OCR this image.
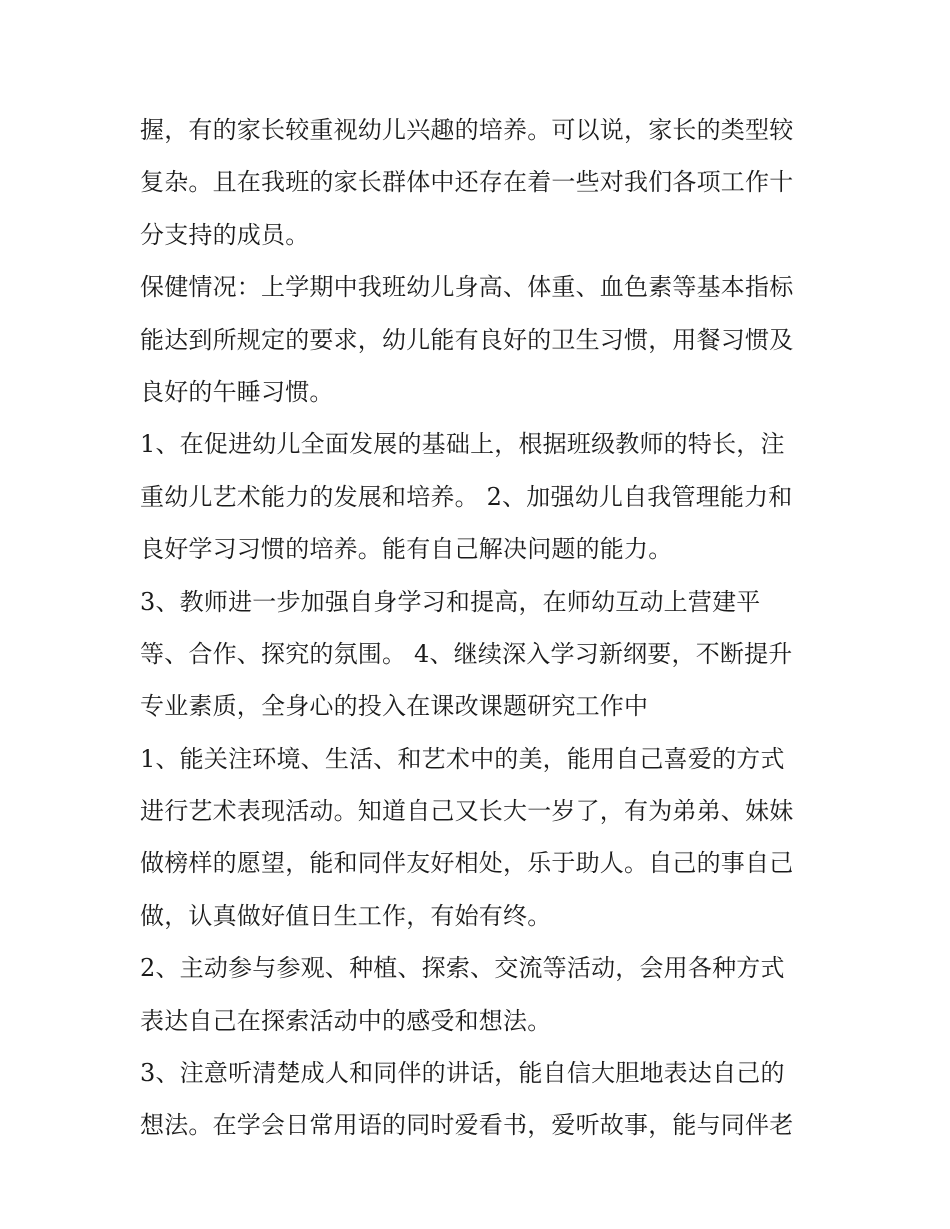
握，有的家长较重视幼儿兴趣的培养。可以说，家长的类型较
复杂。且在我班的家长群体中还存在着一些对我们各项工作十
分支持的成员。
保健情况：上学期中我班幼儿身高、体重、血色素等基本指标
能达到所规定的要求，幼儿能有良好的卫生习惯，用餐习惯及
良好的午睡习惯。
1、在促进幼儿全面发展的基础上，根据班级教师的特长，注
重幼儿艺术能力的发展和培养。 2、加强幼儿自我管理能力和
良好学习习惯的培养。能有自己解决问题的能力。
3、教师进一步加强自身学习和提高，在师幼互动上营建平
等、合作、探究的氛围。 4、继续深入学习新纲要，不断提升
专业素质，全身心的投入在课改课题研究工作中
1、能关注环境、生活、和艺术中的美，能用自己喜爱的方式
进行艺术表现活动。知道自己又长大一岁了，有为弟弟、妹妹
做榜样的愿望，能和同伴友好相处，乐于助人。自己的事自己
做，认真做好值日生工作，有始有终。
2、主动参与参观、种植、探索、交流等活动，会用各种方式
表达自己在探索活动中的感受和想法。
3、注意听清楚成人和同伴的讲话，能自信大胆地表达自己的
想法。在学会日常用语的同时爱看书，爱听故事，能与同伴老
